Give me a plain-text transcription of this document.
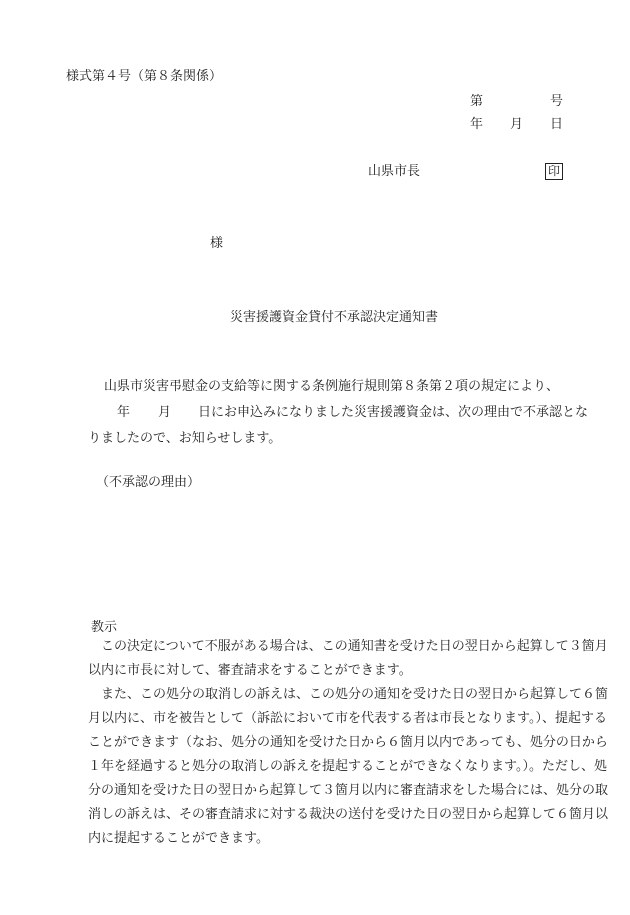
様式第４号（第８条関係）
第	号
年 月 日
山県市長	印
様
災害援護資金貸付不承認決定通知書
山県市災害弔慰金の支給等に関する条例施行規則第８条第２項の規定により、
年 月 日にお申込みになりました災害援護資金は、次の理由で不承認とな
りましたので、お知らせします。
（不承認の理由）
教示
この決定について不服がある場合は、この通知書を受けた日の翌日から起算して３箇月以内に市長に対して、審査請求をすることができます。
また、この処分の取消しの訴えは、この処分の通知を受けた日の翌日から起算して６箇月以内に、市を被告として（訴訟において市を代表する者は市長となります。）、提起することができます（なお、処分の通知を受けた日から６箇月以内であっても、処分の日から１年を経過すると処分の取消しの訴えを提起することができなくなります。）。ただし、処分の通知を受けた日の翌日から起算して３箇月以内に審査請求をした場合には、処分の取消しの訴えは、その審査請求に対する裁決の送付を受けた日の翌日から起算して６箇月以内に提起することができます。
